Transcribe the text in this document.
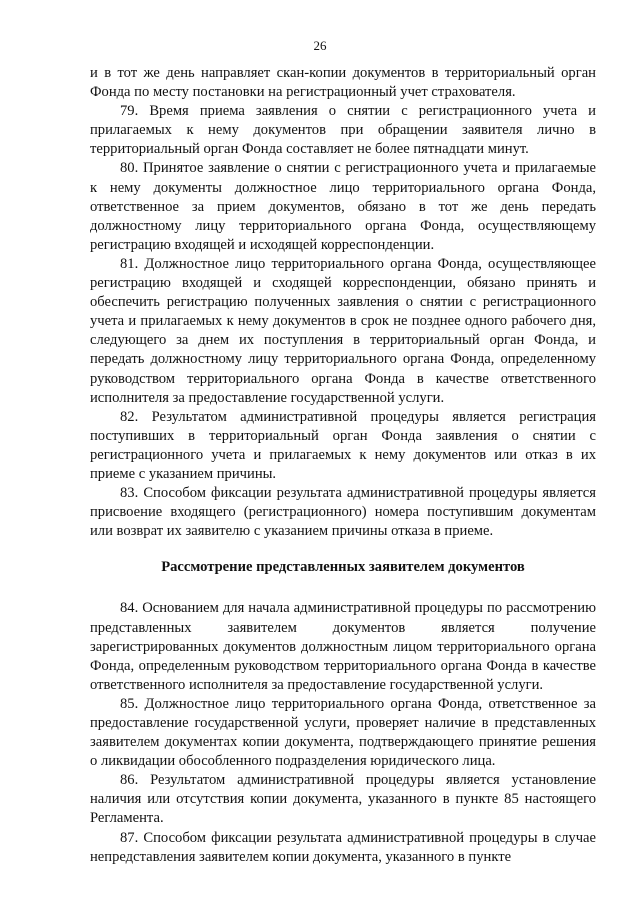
26

и в тот же день направляет скан-копии документов в территориальный орган Фонда по месту постановки на регистрационный учет страхователя.

79. Время приема заявления о снятии с регистрационного учета и прилагаемых к нему документов при обращении заявителя лично в территориальный орган Фонда составляет не более пятнадцати минут.

80. Принятое заявление о снятии с регистрационного учета и прилагаемые к нему документы должностное лицо территориального органа Фонда, ответственное за прием документов, обязано в тот же день передать должностному лицу территориального органа Фонда, осуществляющему регистрацию входящей и исходящей корреспонденции.

81. Должностное лицо территориального органа Фонда, осуществляющее регистрацию входящей и сходящей корреспонденции, обязано принять и обеспечить регистрацию полученных заявления о снятии с регистрационного учета и прилагаемых к нему документов в срок не позднее одного рабочего дня, следующего за днем их поступления в территориальный орган Фонда, и передать должностному лицу территориального органа Фонда, определенному руководством территориального органа Фонда в качестве ответственного исполнителя за предоставление государственной услуги.

82. Результатом административной процедуры является регистрация поступивших в территориальный орган Фонда заявления о снятии с регистрационного учета и прилагаемых к нему документов или отказ в их приеме с указанием причины.

83. Способом фиксации результата административной процедуры является присвоение входящего (регистрационного) номера поступившим документам или возврат их заявителю с указанием причины отказа в приеме.

Рассмотрение представленных заявителем документов

84. Основанием для начала административной процедуры по рассмотрению представленных заявителем документов является получение зарегистрированных документов должностным лицом территориального органа Фонда, определенным руководством территориального органа Фонда в качестве ответственного исполнителя за предоставление государственной услуги.

85. Должностное лицо территориального органа Фонда, ответственное за предоставление государственной услуги, проверяет наличие в представленных заявителем документах копии документа, подтверждающего принятие решения о ликвидации обособленного подразделения юридического лица.

86. Результатом административной процедуры является установление наличия или отсутствия копии документа, указанного в пункте 85 настоящего Регламента.

87. Способом фиксации результата административной процедуры в случае непредставления заявителем копии документа, указанного в пункте
